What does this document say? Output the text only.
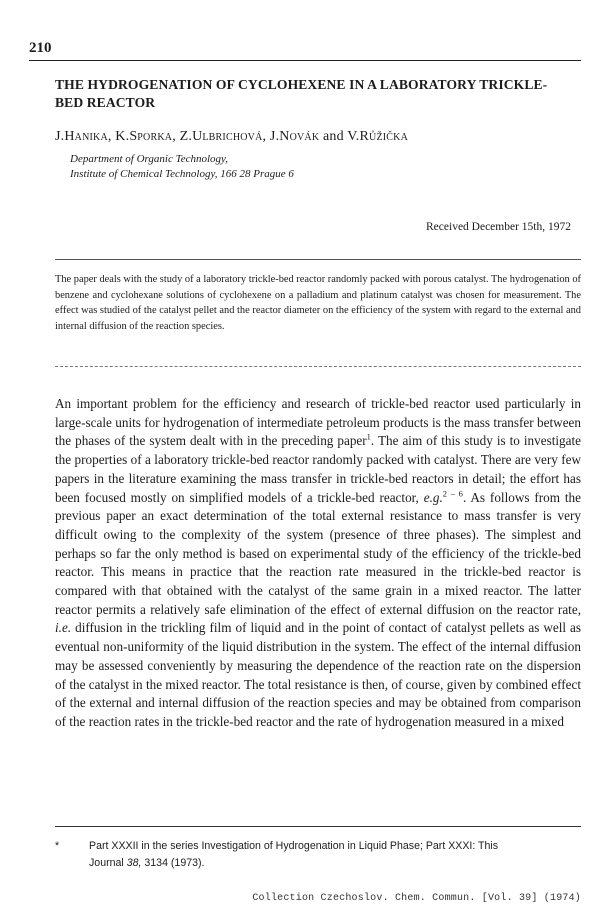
210
THE HYDROGENATION OF CYCLOHEXENE IN A LABORATORY TRICKLE-BED REACTOR
J.Hanika, K.Sporka, Z.Ulbrichová, J.Novák and V.Růžička
Department of Organic Technology,
Institute of Chemical Technology, 166 28 Prague 6
Received December 15th, 1972

The paper deals with the study of a laboratory trickle-bed reactor randomly packed with porous catalyst. The hydrogenation of benzene and cyclohexane solutions of cyclohexene on a palladium and platinum catalyst was chosen for measurement. The effect was studied of the catalyst pellet and the reactor diameter on the efficiency of the system with regard to the external and internal diffusion of the reaction species.

An important problem for the efficiency and research of trickle-bed reactor used particularly in large-scale units for hydrogenation of intermediate petroleum products is the mass transfer between the phases of the system dealt with in the preceding paper$^1$. The aim of this study is to investigate the properties of a laboratory trickle-bed reactor randomly packed with catalyst. There are very few papers in the literature examining the mass transfer in trickle-bed reactors in detail; the effort has been focused mostly on simplified models of a trickle-bed reactor, e.g.$^{2 - 6}$. As follows from the previous paper an exact determination of the total external resistance to mass transfer is very difficult owing to the complexity of the system (presence of three phases). The simplest and perhaps so far the only method is based on experimental study of the efficiency of the trickle-bed reactor. This means in practice that the reaction rate measured in the trickle-bed reactor is compared with that obtained with the catalyst of the same grain in a mixed reactor. The latter reactor permits a relatively safe elimination of the effect of external diffusion on the reactor rate, i.e. diffusion in the trickling film of liquid and in the point of contact of catalyst pellets as well as eventual non-uniformity of the liquid distribution in the system. The effect of the internal diffusion may be assessed conveniently by measuring the dependence of the reaction rate on the dispersion of the catalyst in the mixed reactor. The total resistance is then, of course, given by combined effect of the external and internal diffusion of the reaction species and may be obtained from comparison of the reaction rates in the trickle-bed reactor and the rate of hydrogenation measured in a mixed

*	Part XXXII in the series Investigation of Hydrogenation in Liquid Phase; Part XXXI: This
Journal 38, 3134 (1973).

Collection Czechoslov. Chem. Commun. [Vol. 39] (1974)
